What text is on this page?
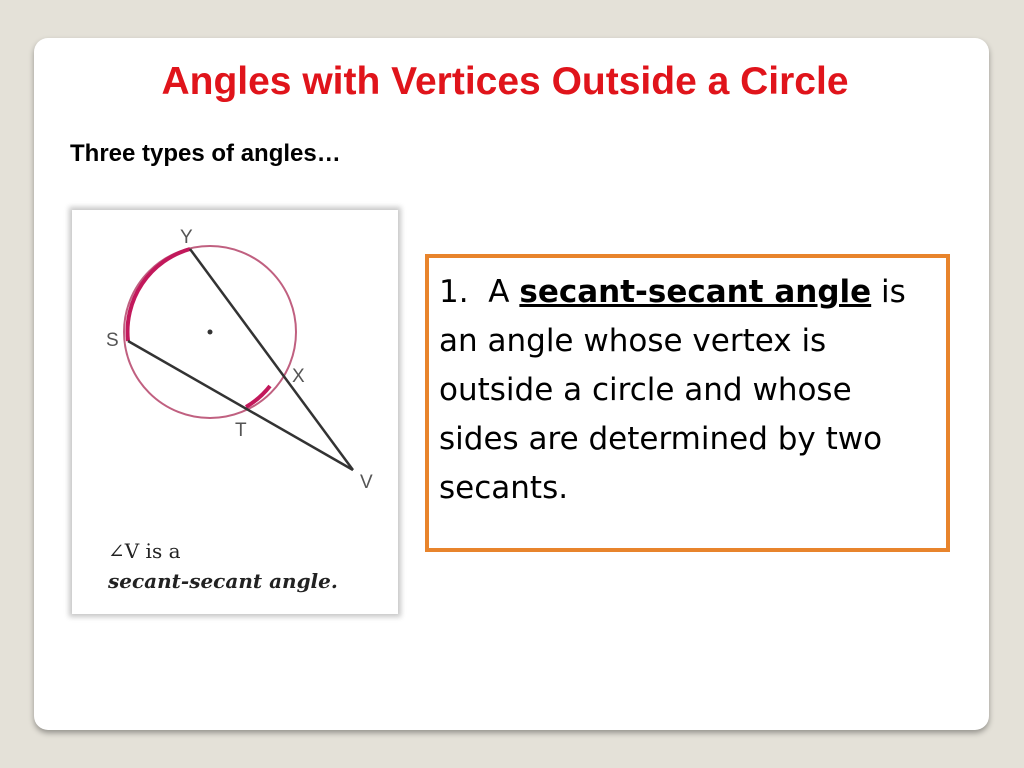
Angles with Vertices Outside a Circle
Three types of angles…
Y
S
X
T
V
∠V is a
secant-secant angle.
1. A secant-secant angle is an angle whose vertex is outside a circle and whose sides are determined by two secants.
